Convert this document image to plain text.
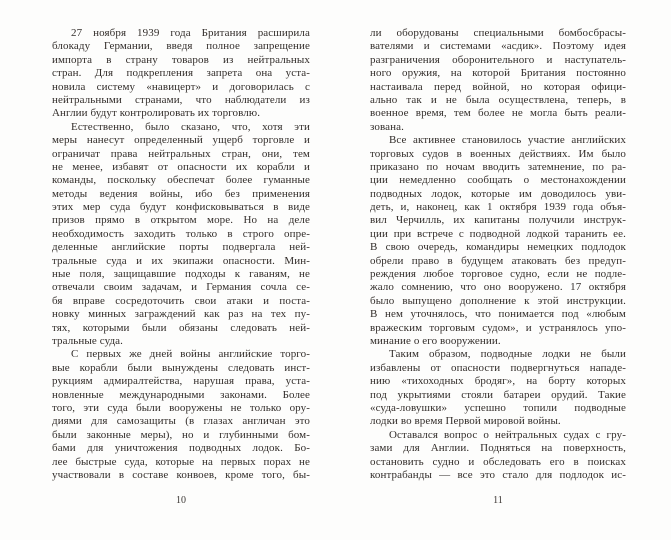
27 ноября 1939 года Британия расширила
блокаду Германии, введя полное запрещение
импорта в страну товаров из нейтральных
стран. Для подкрепления запрета она уста-
новила систему «навицерт» и договорилась с
нейтральными странами, что наблюдатели из
Англии будут контролировать их торговлю.
Естественно, было сказано, что, хотя эти
меры нанесут определенный ущерб торговле и
ограничат права нейтральных стран, они, тем
не менее, избавят от опасности их корабли и
команды, поскольку обеспечат более гуманные
методы ведения войны, ибо без применения
этих мер суда будут конфисковываться в виде
призов прямо в открытом море. Но на деле
необходимость заходить только в строго опре-
деленные английские порты подвергала ней-
тральные суда и их экипажи опасности. Мин-
ные поля, защищавшие подходы к гаваням, не
отвечали своим задачам, и Германия сочла се-
бя вправе сосредоточить свои атаки и поста-
новку минных заграждений как раз на тех пу-
тях, которыми были обязаны следовать ней-
тральные суда.
С первых же дней войны английские торго-
вые корабли были вынуждены следовать инст-
рукциям адмиралтейства, нарушая права, уста-
новленные международными законами. Более
того, эти суда были вооружены не только ору-
диями для самозащиты (в глазах англичан это
были законные меры), но и глубинными бом-
бами для уничтожения подводных лодок. Бо-
лее быстрые суда, которые на первых порах не
участвовали в составе конвоев, кроме того, бы-
10
ли оборудованы специальными бомбосбрасы-
вателями и системами «асдик». Поэтому идея
разграничения оборонительного и наступатель-
ного оружия, на которой Британия постоянно
настаивала перед войной, но которая офици-
ально так и не была осуществлена, теперь, в
военное время, тем более не могла быть реали-
зована.
Все активнее становилось участие английских
торговых судов в военных действиях. Им было
приказано по ночам вводить затемнение, по ра-
ции немедленно сообщать о местонахождении
подводных лодок, которые им доводилось уви-
деть, и, наконец, как 1 октября 1939 года объя-
вил Черчилль, их капитаны получили инструк-
ции при встрече с подводной лодкой таранить ее.
В свою очередь, командиры немецких подлодок
обрели право в будущем атаковать без предуп-
реждения любое торговое судно, если не подле-
жало сомнению, что оно вооружено. 17 октября
было выпущено дополнение к этой инструкции.
В нем уточнялось, что понимается под «любым
вражеским торговым судом», и устранялось упо-
минание о его вооружении.
Таким образом, подводные лодки не были
избавлены от опасности подвергнуться нападе-
нию «тихоходных бродяг», на борту которых
под укрытиями стояли батареи орудий. Такие
«суда-ловушки» успешно топили подводные
лодки во время Первой мировой войны.
Оставался вопрос о нейтральных судах с гру-
зами для Англии. Подняться на поверхность,
остановить судно и обследовать его в поисках
контрабанды — все это стало для подлодок ис-
11
